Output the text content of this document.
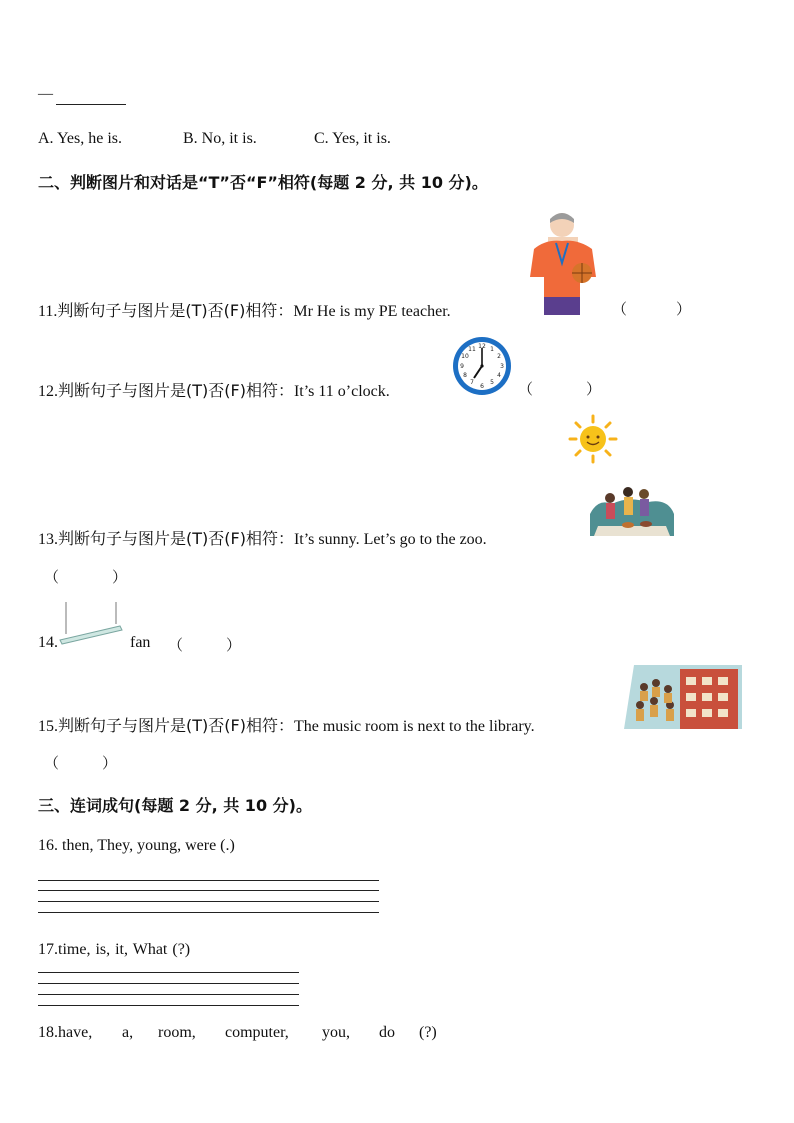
—
A. Yes, he is.	B. No, it is.	C. Yes, it is.
二、判断图片和对话是“T”否“F”相符(每题 2 分, 共 10 分)。
11.判断句子与图片是(T)否(F)相符：Mr He is my PE teacher.	（	）
12.判断句子与图片是(T)否(F)相符：It’s 11 o’clock.
12 1
2
3
4
5
6
7
8
9
10
11
（	）
13.判断句子与图片是(T)否(F)相符：It’s sunny. Let’s go to the zoo.
（	）
14.	fan （	）
15.判断句子与图片是(T)否(F)相符：The music room is next to the library.
（	）
三、连词成句(每题 2 分, 共 10 分)。
16. then, They, young, were (.)
17.time, is, it, What (?)
18.have, a, room, computer, you, do (?)
